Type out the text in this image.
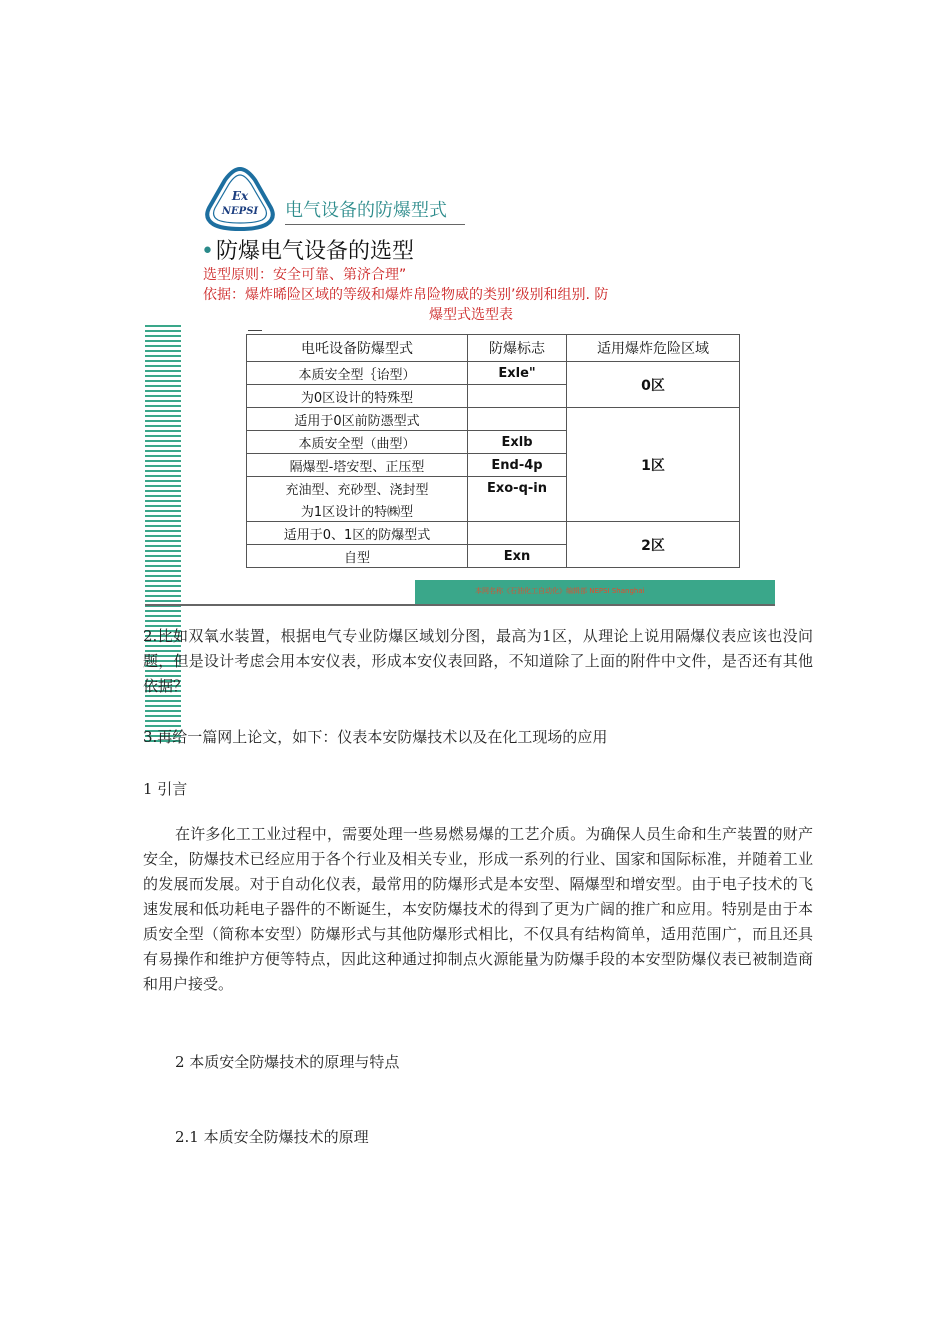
Ex
NEPSI 电气设备的防爆型式
•防爆电气设备的选型
选型原则：安全可靠、第济合理”
依据：爆炸晞险区域的等级和爆炸帛险物威的类别’级别和组别. 防
爆型式选型表
电吒设备防爆型式	防爆标志	适用爆炸危险区域
本质安全型｛诒型）	Exle"	0区
为0区设计的特殊型		
适用于0区前防憑型式		1区
本质安全型（曲型）	Exlb	
隔爆型-塔安型、正压型	End-4p	
充油型、充砂型、浇封型	Exo-q-in	
为1区设计的特㈱型		
适用于0、1区的防爆型式		2区
自型	Exn	
本网名称《石油化工自动化》编辑部 NEPSI Shanghai
2.比如双氧水装置，根据电气专业防爆区域划分图，最高为1区，从理论上说用隔爆仪表应该也没问题，但是设计考虑会用本安仪表，形成本安仪表回路，不知道除了上面的附件中文件，是否还有其他依据？
3.再给一篇网上论文，如下：仪表本安防爆技术以及在化工现场的应用
1 引言
在许多化工工业过程中，需要处理一些易燃易爆的工艺介质。为确保人员生命和生产装置的财产安全，防爆技术已经应用于各个行业及相关专业，形成一系列的行业、国家和国际标准，并随着工业的发展而发展。对于自动化仪表，最常用的防爆形式是本安型、隔爆型和增安型。由于电子技术的飞速发展和低功耗电子器件的不断诞生，本安防爆技术的得到了更为广阔的推广和应用。特别是由于本质安全型（简称本安型）防爆形式与其他防爆形式相比，不仅具有结构简单，适用范围广，而且还具有易操作和维护方便等特点，因此这种通过抑制点火源能量为防爆手段的本安型防爆仪表已被制造商和用户接受。
2 本质安全防爆技术的原理与特点
2.1 本质安全防爆技术的原理
